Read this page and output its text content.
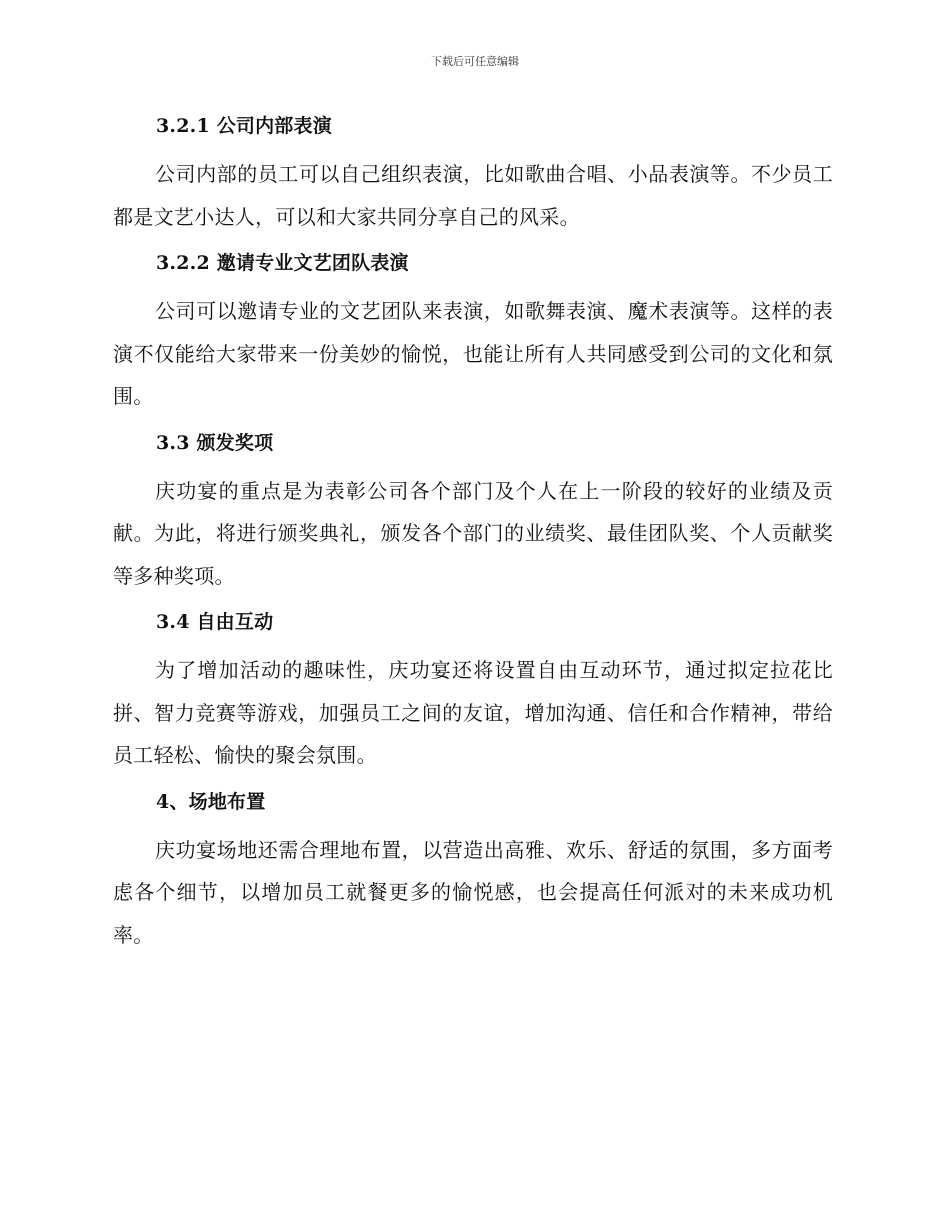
下载后可任意编辑
3.2.1 公司内部表演

公司内部的员工可以自己组织表演，比如歌曲合唱、小品表演等。不少员工都是文艺小达人，可以和大家共同分享自己的风采。

3.2.2 邀请专业文艺团队表演

公司可以邀请专业的文艺团队来表演，如歌舞表演、魔术表演等。这样的表演不仅能给大家带来一份美妙的愉悦，也能让所有人共同感受到公司的文化和氛围。

3.3 颁发奖项

庆功宴的重点是为表彰公司各个部门及个人在上一阶段的较好的业绩及贡献。为此，将进行颁奖典礼，颁发各个部门的业绩奖、最佳团队奖、个人贡献奖等多种奖项。

3.4 自由互动

为了增加活动的趣味性，庆功宴还将设置自由互动环节，通过拟定拉花比拼、智力竞赛等游戏，加强员工之间的友谊，增加沟通、信任和合作精神，带给员工轻松、愉快的聚会氛围。

4、场地布置

庆功宴场地还需合理地布置，以营造出高雅、欢乐、舒适的氛围，多方面考虑各个细节，以增加员工就餐更多的愉悦感，也会提高任何派对的未来成功机率。
